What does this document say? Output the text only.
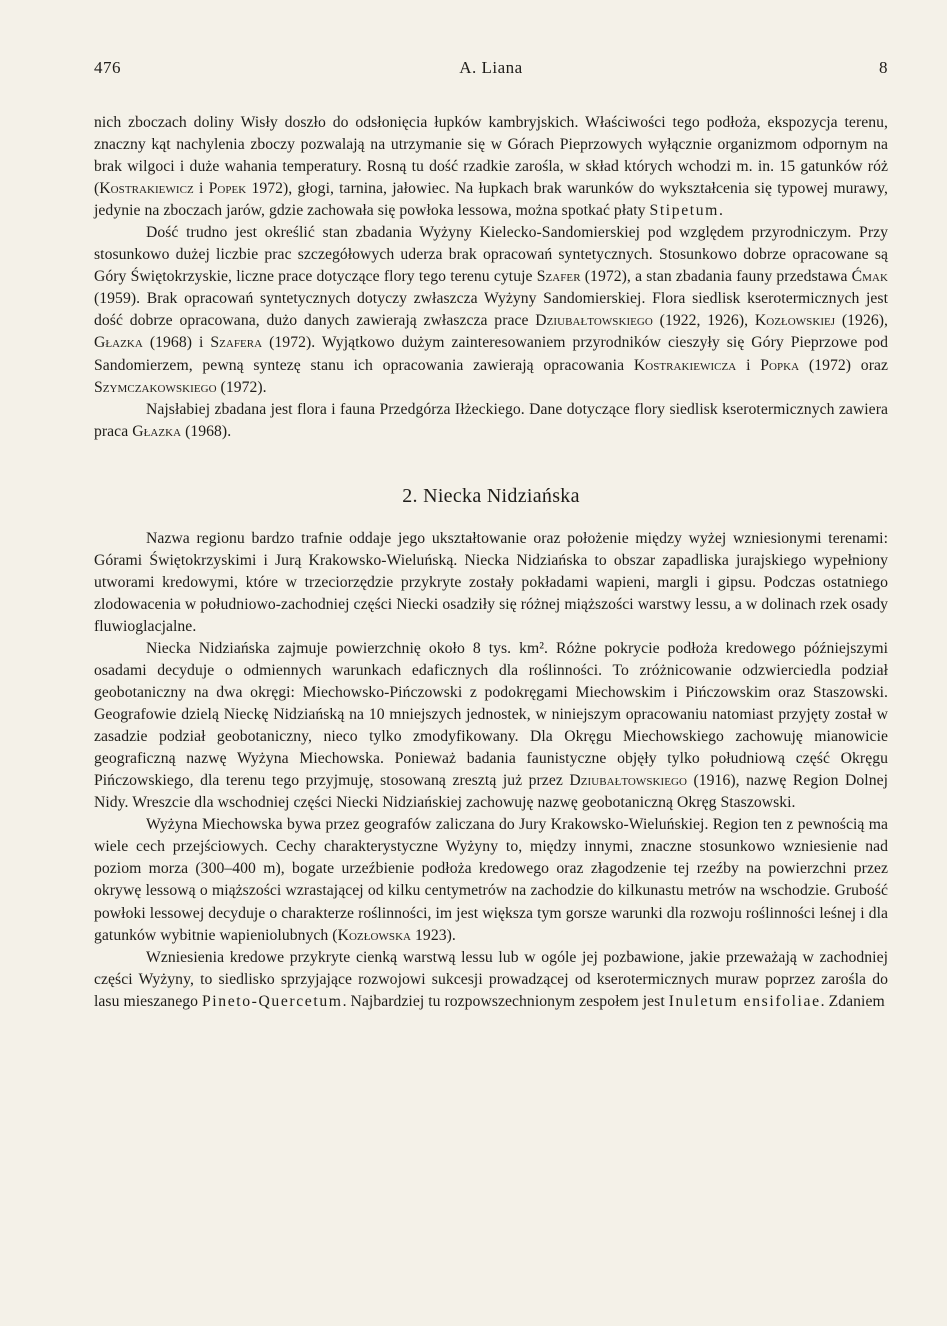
476	A. Liana	8

nich zboczach doliny Wisły doszło do odsłonięcia łupków kambryjskich. Właściwości tego podłoża, ekspozycja terenu, znaczny kąt nachylenia zboczy pozwalają na utrzymanie się w Górach Pieprzowych wyłącznie organizmom odpornym na brak wilgoci i duże wahania temperatury. Rosną tu dość rzadkie zarośla, w skład których wchodzi m. in. 15 gatunków róż (Kostrakiewicz i Popek 1972), głogi, tarnina, jałowiec. Na łupkach brak warunków do wykształcenia się typowej murawy, jedynie na zboczach jarów, gdzie zachowała się powłoka lessowa, można spotkać płaty Stipetum.

Dość trudno jest określić stan zbadania Wyżyny Kielecko-Sandomierskiej pod względem przyrodniczym. Przy stosunkowo dużej liczbie prac szczegółowych uderza brak opracowań syntetycznych. Stosunkowo dobrze opracowane są Góry Świętokrzyskie, liczne prace dotyczące flory tego terenu cytuje Szafer (1972), a stan zbadania fauny przedstawa Ćmak (1959). Brak opracowań syntetycznych dotyczy zwłaszcza Wyżyny Sandomierskiej. Flora siedlisk kserotermicznych jest dość dobrze opracowana, dużo danych zawierają zwłaszcza prace Dziubałtowskiego (1922, 1926), Kozłowskiej (1926), Głazka (1968) i Szafera (1972). Wyjątkowo dużym zainteresowaniem przyrodników cieszyły się Góry Pieprzowe pod Sandomierzem, pewną syntezę stanu ich opracowania zawierają opracowania Kostrakiewicza i Popka (1972) oraz Szymczakowskiego (1972).

Najsłabiej zbadana jest flora i fauna Przedgórza Iłżeckiego. Dane dotyczące flory siedlisk kserotermicznych zawiera praca Głazka (1968).

2. Niecka Nidziańska

Nazwa regionu bardzo trafnie oddaje jego ukształtowanie oraz położenie między wyżej wzniesionymi terenami: Górami Świętokrzyskimi i Jurą Krakowsko-Wieluńską. Niecka Nidziańska to obszar zapadliska jurajskiego wypełniony utworami kredowymi, które w trzeciorzędzie przykryte zostały pokładami wapieni, margli i gipsu. Podczas ostatniego zlodowacenia w południowo-zachodniej części Niecki osadziły się różnej miąższości warstwy lessu, a w dolinach rzek osady fluwioglacjalne.

Niecka Nidziańska zajmuje powierzchnię około 8 tys. km². Różne pokrycie podłoża kredowego późniejszymi osadami decyduje o odmiennych warunkach edaficznych dla roślinności. To zróżnicowanie odzwierciedla podział geobotaniczny na dwa okręgi: Miechowsko-Pińczowski z podokręgami Miechowskim i Pińczowskim oraz Staszowski. Geografowie dzielą Nieckę Nidziańską na 10 mniejszych jednostek, w niniejszym opracowaniu natomiast przyjęty został w zasadzie podział geobotaniczny, nieco tylko zmodyfikowany. Dla Okręgu Miechowskiego zachowuję mianowicie geograficzną nazwę Wyżyna Miechowska. Ponieważ badania faunistyczne objęły tylko południową część Okręgu Pińczowskiego, dla terenu tego przyjmuję, stosowaną zresztą już przez Dziubałtowskiego (1916), nazwę Region Dolnej Nidy. Wreszcie dla wschodniej części Niecki Nidziańskiej zachowuję nazwę geobotaniczną Okręg Staszowski.

Wyżyna Miechowska bywa przez geografów zaliczana do Jury Krakowsko-Wieluńskiej. Region ten z pewnością ma wiele cech przejściowych. Cechy charakterystyczne Wyżyny to, między innymi, znaczne stosunkowo wzniesienie nad poziom morza (300–400 m), bogate urzeźbienie podłoża kredowego oraz złagodzenie tej rzeźby na powierzchni przez okrywę lessową o miąższości wzrastającej od kilku centymetrów na zachodzie do kilkunastu metrów na wschodzie. Grubość powłoki lessowej decyduje o charakterze roślinności, im jest większa tym gorsze warunki dla rozwoju roślinności leśnej i dla gatunków wybitnie wapieniolubnych (Kozłowska 1923).

Wzniesienia kredowe przykryte cienką warstwą lessu lub w ogóle jej pozbawione, jakie przeważają w zachodniej części Wyżyny, to siedlisko sprzyjające rozwojowi sukcesji prowadzącej od kserotermicznych muraw poprzez zarośla do lasu mieszanego Pineto-Quercetum. Najbardziej tu rozpowszechnionym zespołem jest Inuletum ensifoliae. Zdaniem
